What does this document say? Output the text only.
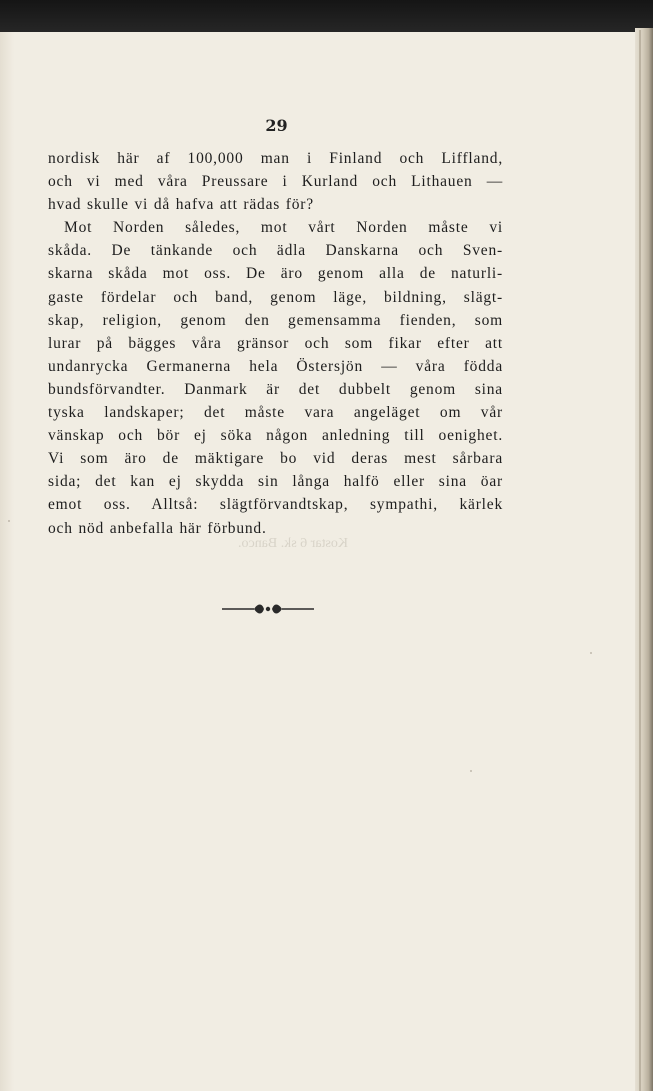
29
nordisk här af 100,000 man i Finland och Liffland,
och vi med våra Preussare i Kurland och Lithauen —
hvad skulle vi då hafva att rädas för?
Mot Norden således, mot vårt Norden måste vi
skåda. De tänkande och ädla Danskarna och Sven-
skarna skåda mot oss. De äro genom alla de naturli-
gaste fördelar och band, genom läge, bildning, slägt-
skap, religion, genom den gemensamma fienden, som
lurar på bägges våra gränsor och som fikar efter att
undanrycka Germanerna hela Östersjön — våra födda
bundsförvandter. Danmark är det dubbelt genom sina
tyska landskaper; det måste vara angeläget om vår
vänskap och bör ej söka någon anledning till oenighet.
Vi som äro de mäktigare bo vid deras mest sårbara
sida; det kan ej skydda sin långa halfö eller sina öar
emot oss. Alltså: slägtförvandtskap, sympathi, kärlek
och nöd anbefalla här förbund.
Kostar 6 sk. Banco.
